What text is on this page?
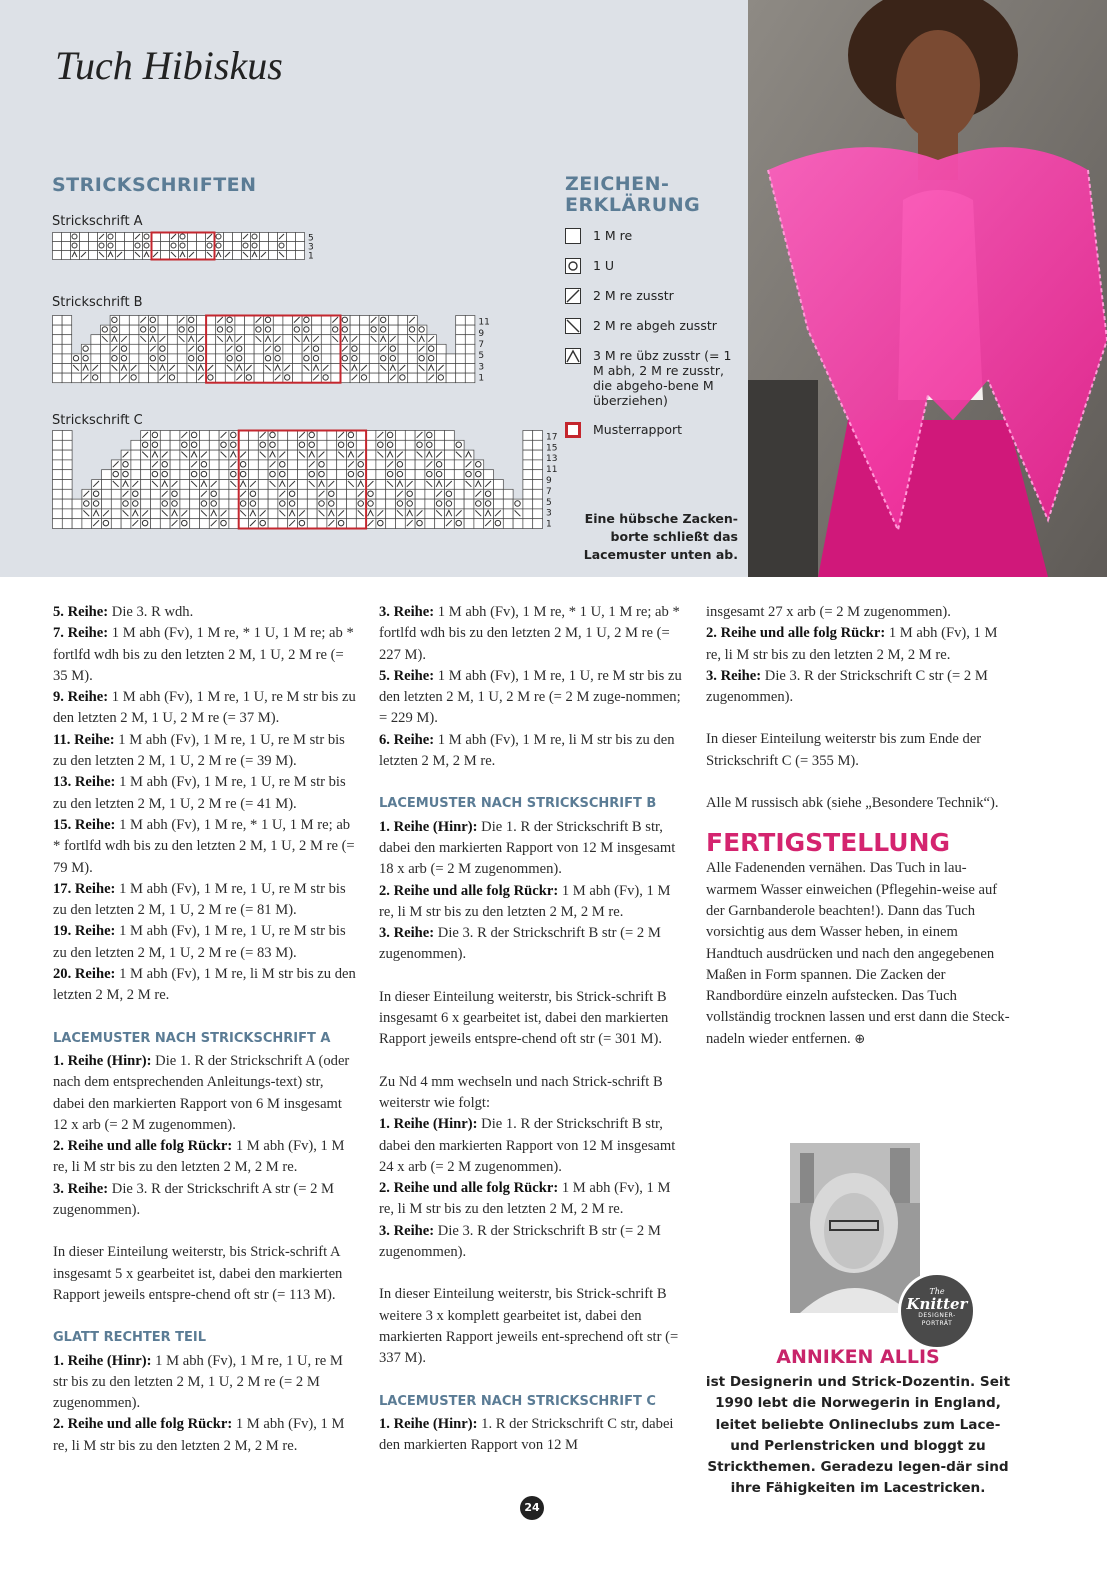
Tuch Hibiskus
STRICKSCHRIFTEN
Strickschrift A
5
3
1
Strickschrift B
11
9
7
5
3
1
Strickschrift C
17
15
13
11
9
7
5
3
1
ZEICHEN-
ERKLÄRUNG
1 M re
1 U
2 M re zusstr
2 M re abgeh zusstr
3 M re übz zusstr (= 1 M abh, 2 M re zusstr, die abgeho-bene M überziehen)
Musterrapport
Eine hübsche Zacken-borte schließt das Lacemuster unten ab.

5. Reihe: Die 3. R wdh.

7. Reihe: 1 M abh (Fv), 1 M re, * 1 U, 1 M re; ab * fortlfd wdh bis zu den letzten 2 M, 1 U, 2 M re (= 35 M).

9. Reihe: 1 M abh (Fv), 1 M re, 1 U, re M str bis zu den letzten 2 M, 1 U, 2 M re (= 37 M).

11. Reihe: 1 M abh (Fv), 1 M re, 1 U, re M str bis zu den letzten 2 M, 1 U, 2 M re (= 39 M).

13. Reihe: 1 M abh (Fv), 1 M re, 1 U, re M str bis zu den letzten 2 M, 1 U, 2 M re (= 41 M).

15. Reihe: 1 M abh (Fv), 1 M re, * 1 U, 1 M re; ab * fortlfd wdh bis zu den letzten 2 M, 1 U, 2 M re (= 79 M).

17. Reihe: 1 M abh (Fv), 1 M re, 1 U, re M str bis zu den letzten 2 M, 1 U, 2 M re (= 81 M).

19. Reihe: 1 M abh (Fv), 1 M re, 1 U, re M str bis zu den letzten 2 M, 1 U, 2 M re (= 83 M).

20. Reihe: 1 M abh (Fv), 1 M re, li M str bis zu den letzten 2 M, 2 M re.

LACEMUSTER NACH STRICKSCHRIFT A

1. Reihe (Hinr): Die 1. R der Strickschrift A (oder nach dem entsprechenden Anleitungs-text) str, dabei den markierten Rapport von 6 M insgesamt 12 x arb (= 2 M zugenommen).

2. Reihe und alle folg Rückr: 1 M abh (Fv), 1 M re, li M str bis zu den letzten 2 M, 2 M re.

3. Reihe: Die 3. R der Strickschrift A str (= 2 M zugenommen).

In dieser Einteilung weiterstr, bis Strick-schrift A insgesamt 5 x gearbeitet ist, dabei den markierten Rapport jeweils entspre-chend oft str (= 113 M).

GLATT RECHTER TEIL

1. Reihe (Hinr): 1 M abh (Fv), 1 M re, 1 U, re M str bis zu den letzten 2 M, 1 U, 2 M re (= 2 M zugenommen).

2. Reihe und alle folg Rückr: 1 M abh (Fv), 1 M re, li M str bis zu den letzten 2 M, 2 M re.

3. Reihe: 1 M abh (Fv), 1 M re, * 1 U, 1 M re; ab * fortlfd wdh bis zu den letzten 2 M, 1 U, 2 M re (= 227 M).

5. Reihe: 1 M abh (Fv), 1 M re, 1 U, re M str bis zu den letzten 2 M, 1 U, 2 M re (= 2 M zuge-nommen; = 229 M).

6. Reihe: 1 M abh (Fv), 1 M re, li M str bis zu den letzten 2 M, 2 M re.

LACEMUSTER NACH STRICKSCHRIFT B

1. Reihe (Hinr): Die 1. R der Strickschrift B str, dabei den markierten Rapport von 12 M insgesamt 18 x arb (= 2 M zugenommen).

2. Reihe und alle folg Rückr: 1 M abh (Fv), 1 M re, li M str bis zu den letzten 2 M, 2 M re.

3. Reihe: Die 3. R der Strickschrift B str (= 2 M zugenommen).

In dieser Einteilung weiterstr, bis Strick-schrift B insgesamt 6 x gearbeitet ist, dabei den markierten Rapport jeweils entspre-chend oft str (= 301 M).

Zu Nd 4 mm wechseln und nach Strick-schrift B weiterstr wie folgt:

1. Reihe (Hinr): Die 1. R der Strickschrift B str, dabei den markierten Rapport von 12 M insgesamt 24 x arb (= 2 M zugenommen).

2. Reihe und alle folg Rückr: 1 M abh (Fv), 1 M re, li M str bis zu den letzten 2 M, 2 M re.

3. Reihe: Die 3. R der Strickschrift B str (= 2 M zugenommen).

In dieser Einteilung weiterstr, bis Strick-schrift B weitere 3 x komplett gearbeitet ist, dabei den markierten Rapport jeweils ent-sprechend oft str (= 337 M).

LACEMUSTER NACH STRICKSCHRIFT C

1. Reihe (Hinr): 1. R der Strickschrift C str, dabei den markierten Rapport von 12 M

insgesamt 27 x arb (= 2 M zugenommen).

2. Reihe und alle folg Rückr: 1 M abh (Fv), 1 M re, li M str bis zu den letzten 2 M, 2 M re.

3. Reihe: Die 3. R der Strickschrift C str (= 2 M zugenommen).

In dieser Einteilung weiterstr bis zum Ende der Strickschrift C (= 355 M).

Alle M russisch abk (siehe „Besondere Technik“).

FERTIGSTELLUNG

Alle Fadenenden vernähen. Das Tuch in lau-warmem Wasser einweichen (Pflegehin-weise auf der Garnbanderole beachten!). Dann das Tuch vorsichtig aus dem Wasser heben, in einem Handtuch ausdrücken und nach den angegebenen Maßen in Form spannen. Die Zacken der Randbordüre einzeln aufstecken. Das Tuch vollständig trocknen lassen und erst dann die Steck-nadeln wieder entfernen. ⊕

The
Knitter
DESIGNER-
PORTRÄT
ANNIKEN ALLIS
ist Designerin und Strick-Dozentin. Seit 1990 lebt die Norwegerin in England, leitet beliebte Onlineclubs zum Lace- und Perlenstricken und bloggt zu Strickthemen. Geradezu legen-där sind ihre Fähigkeiten im Lacestricken.
24
